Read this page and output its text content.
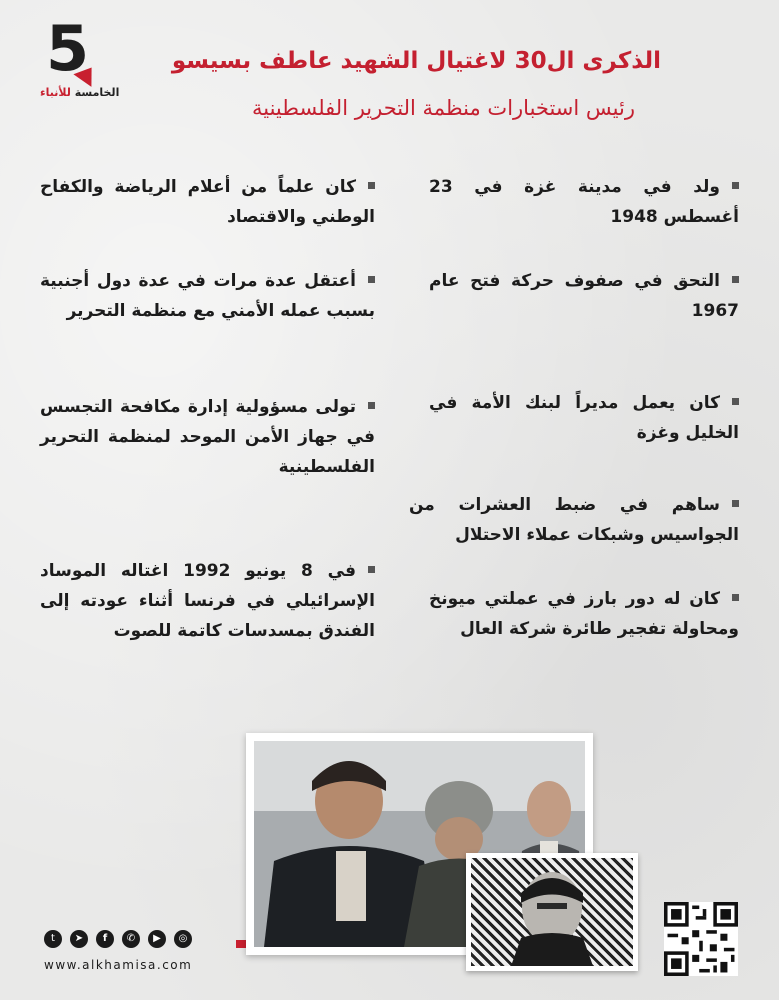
5
الخامسة للأنباء
الذكرى ال30 لاغتيال الشهيد عاطف بسيسو
رئيس استخبارات منظمة التحرير الفلسطينية
ولد في مدينة غزة في 23 أغسطس 1948
التحق في صفوف حركة فتح عام 1967
كان يعمل مديراً لبنك الأمة في الخليل وغزة
ساهم في ضبط العشرات من الجواسيس وشبكات عملاء الاحتلال
كان له دور بارز في عملتي ميونخ ومحاولة تفجير طائرة شركة العال
كان علماً من أعلام الرياضة والكفاح الوطني والاقتصاد
أعتقل عدة مرات في عدة دول أجنبية بسبب عمله الأمني مع منظمة التحرير
تولى مسؤولية إدارة مكافحة التجسس في جهاز الأمن الموحد لمنظمة التحرير الفلسطينية
في 8 يونيو 1992 اغتاله الموساد الإسرائيلي في فرنسا أثناء عودته إلى الفندق بمسدسات كاتمة للصوت
t	➤	f	✆	▶	◎
www.alkhamisa.com
